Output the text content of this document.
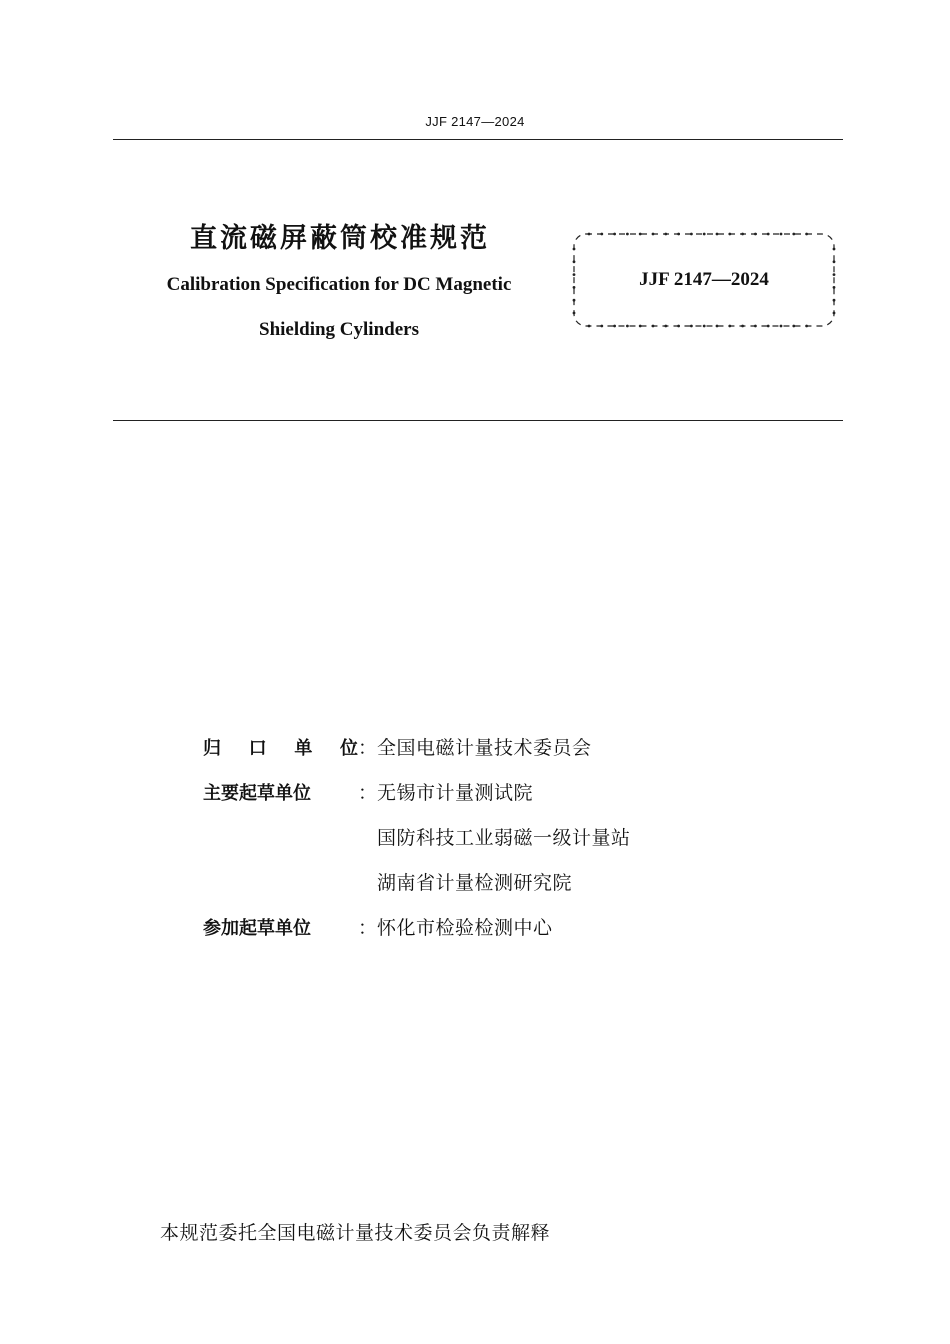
JJF 2147—2024
直流磁屏蔽筒校准规范
Calibration Specification for DC Magnetic
Shielding Cylinders
JJF 2147—2024
归 口 单 位 ： 全国电磁计量技术委员会
主要起草单位	： 无锡市计量测试院
国防科技工业弱磁一级计量站
湖南省计量检测研究院
参加起草单位	： 怀化市检验检测中心
本规范委托全国电磁计量技术委员会负责解释
